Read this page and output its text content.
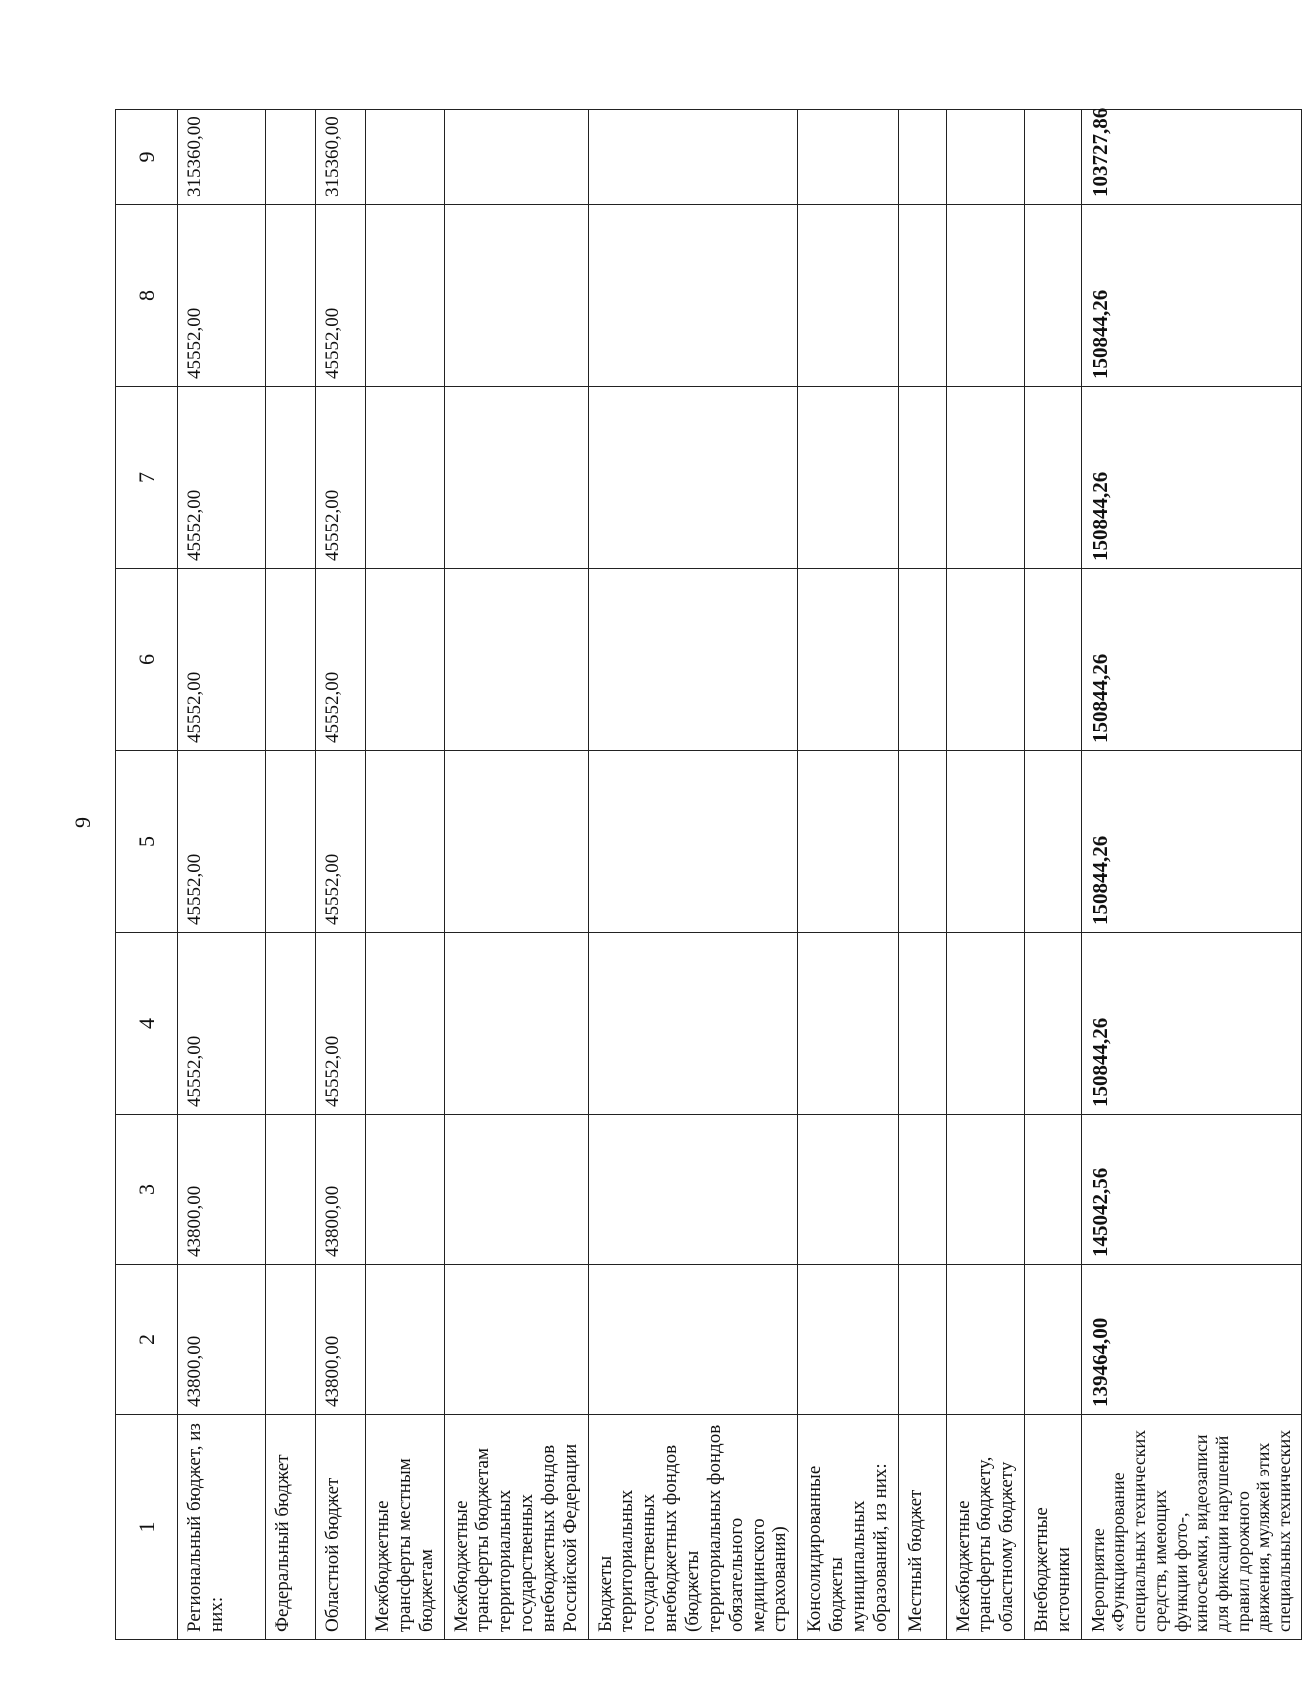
9
1	2	3	4	5	6	7	8	9
Региональный бюджет, из них:	43800,00	43800,00	45552,00	45552,00	45552,00	45552,00	45552,00	315360,00
Федеральный бюджет								
Областной бюджет	43800,00	43800,00	45552,00	45552,00	45552,00	45552,00	45552,00	315360,00
Межбюджетные трансферты местным бюджетам								
Межбюджетные трансферты бюджетам территориальных государственных внебюджетных фондов Российской Федерации								
Бюджеты территориальных государственных внебюджетных фондов (бюджеты территориальных фондов обязательного медицинского страхования)								
Консолидированные бюджеты муниципальных образований, из них:								
Местный бюджет								
Межбюджетные трансферты бюджету, областному бюджету								
Внебюджетные источники								
Мероприятие «Функционирование специальных технических средств, имеющих функции фото-, киносъемки, видеозаписи для фиксации нарушений правил дорожного движения, муляжей этих специальных технических	139464,00	145042,56	150844,26	150844,26	150844,26	150844,26	150844,26	103727,86
